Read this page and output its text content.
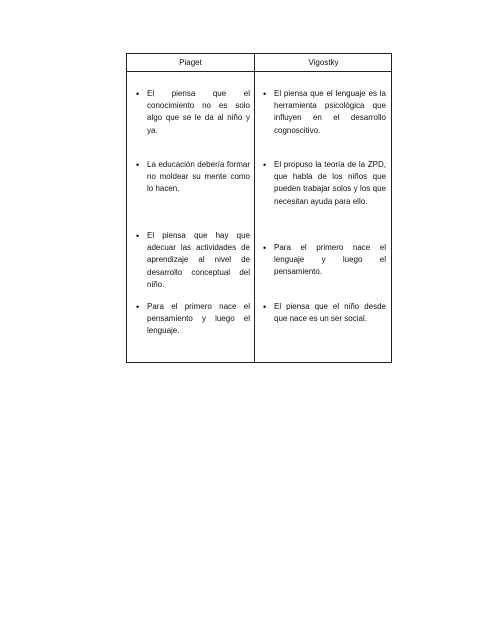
Piaget	Vigostky
• El piensa que el conocimiento no es solo algo que se le da al niño y ya.
• La educación debería formar no moldear su mente como lo hacen.
• El piensa que hay que adecuar las actividades de aprendizaje al nivel de desarrollo conceptual del niño.
• Para el primero nace el pensamiento y luego el lenguaje.
• El piensa que el lenguaje es la herramienta psicológica que influyen en el desarrollo cognoscitivo.
• El propuso la teoría de la ZPD, que habla de los niños que pueden trabajar solos y los que necesitan ayuda para ello.
• Para el primero nace el lenguaje y luego el pensamiento.
• El piensa que el niño desde que nace es un ser social.
